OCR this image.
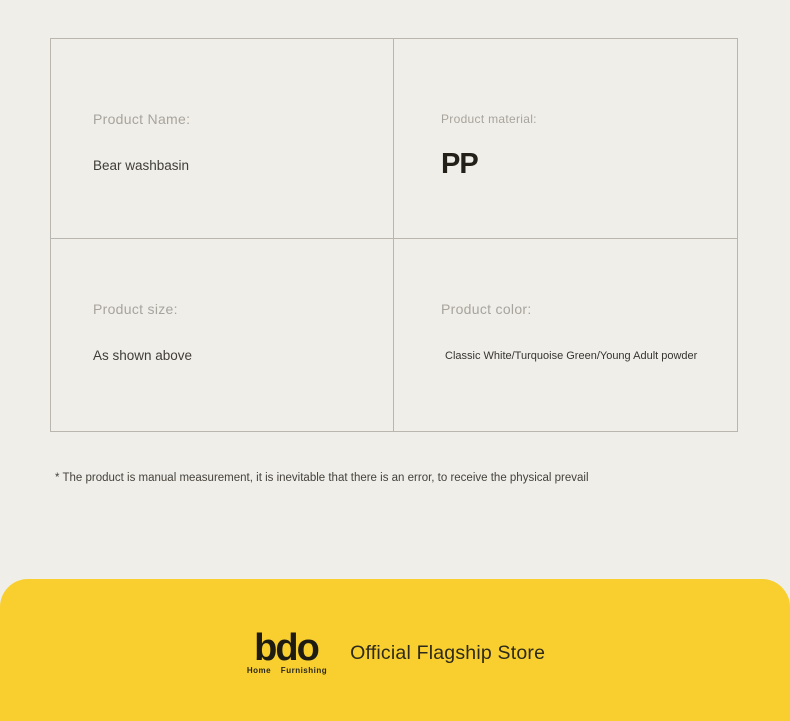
Product Name:
Bear washbasin
Product material:
PP
Product size:
As shown above
Product color:
Classic White/Turquoise Green/Young Adult powder
* The product is manual measurement, it is inevitable that there is an error, to receive the physical prevail
bdo
Home Furnishing
Official Flagship Store
